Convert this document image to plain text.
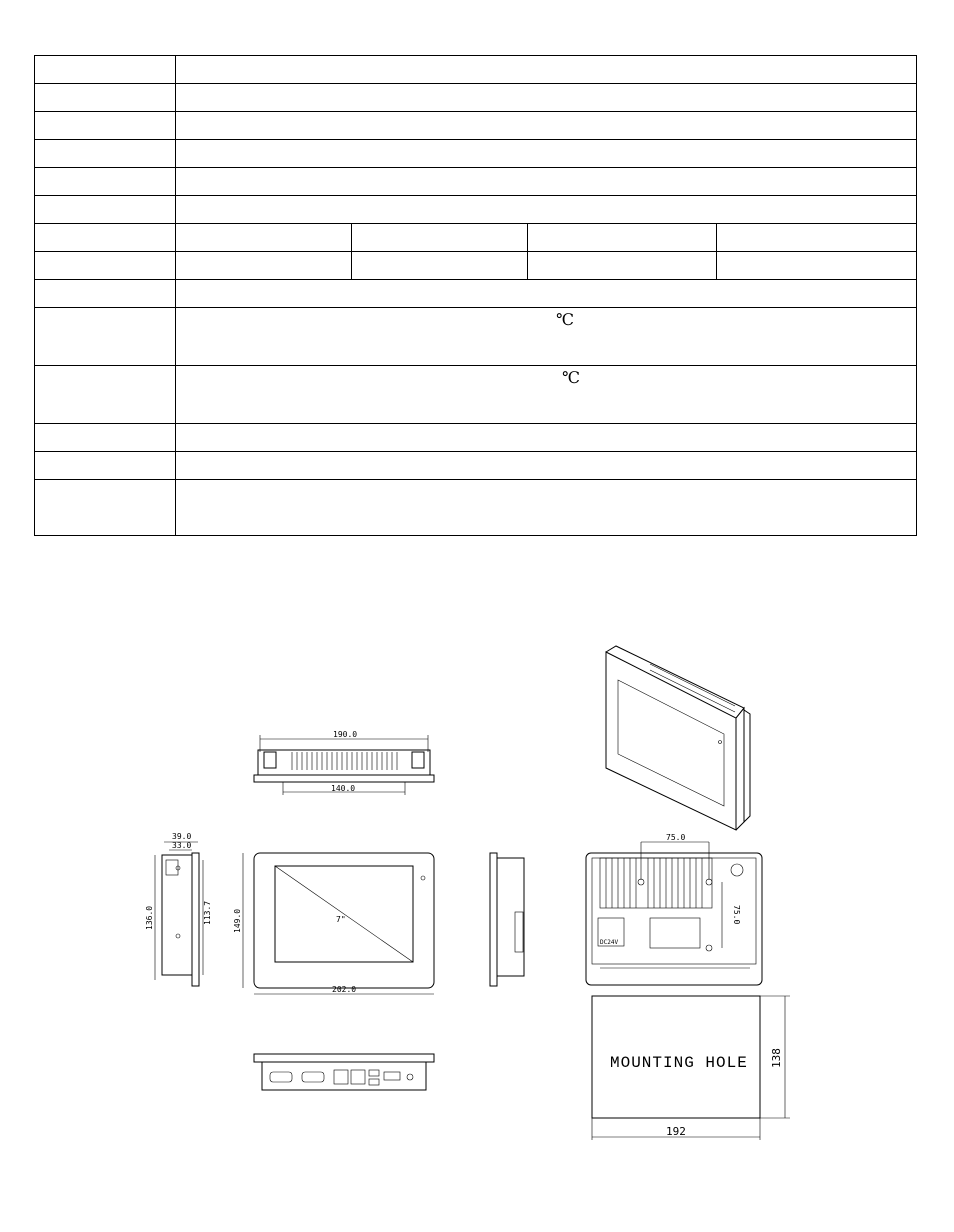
	℃			
	℃			

190.0
140.0
39.0
33.0
136.0	113.7	7"
149.0
202.0
75.0
DC24V
75.0
MOUNTING HOLE 138
192
